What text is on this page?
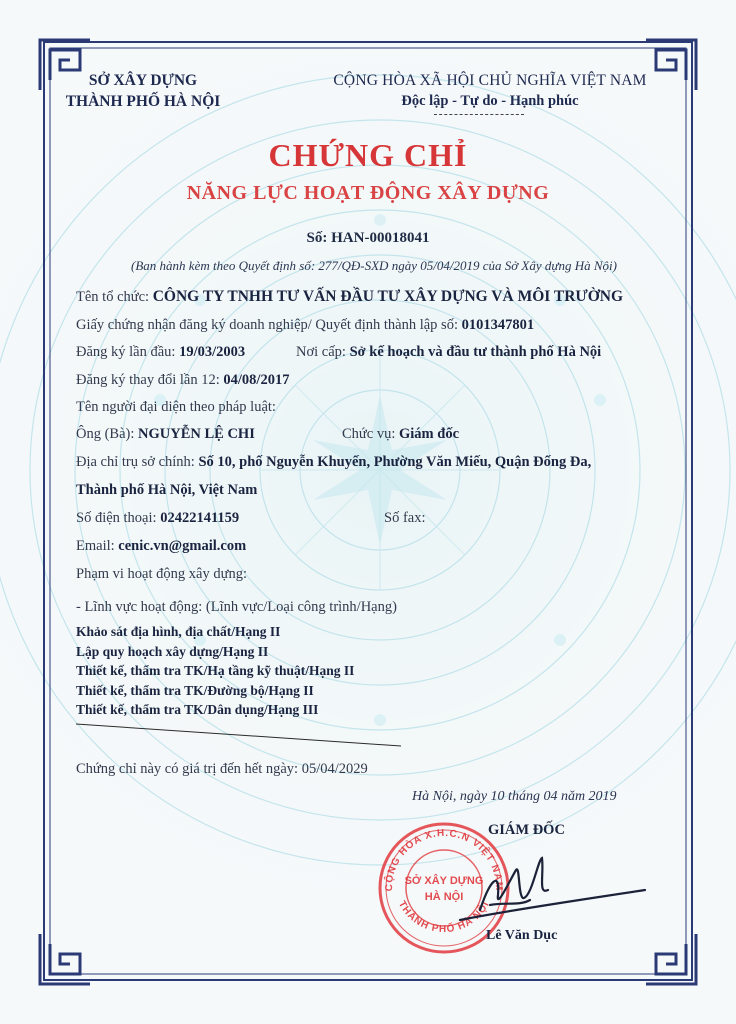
SỞ XÂY DỰNG
THÀNH PHỐ HÀ NỘI
CỘNG HÒA XÃ HỘI CHỦ NGHĨA VIỆT NAM
Độc lập - Tự do - Hạnh phúc
CHỨNG CHỈ
NĂNG LỰC HOẠT ĐỘNG XÂY DỰNG
Số: HAN-00018041
(Ban hành kèm theo Quyết định số: 277/QĐ-SXD ngày 05/04/2019 của Sở Xây dựng Hà Nội)
Tên tổ chức: CÔNG TY TNHH TƯ VẤN ĐẦU TƯ XÂY DỰNG VÀ MÔI TRƯỜNG
Giấy chứng nhận đăng ký doanh nghiệp/ Quyết định thành lập số: 0101347801
Đăng ký lần đầu: 19/03/2003	Nơi cấp: Sở kế hoạch và đầu tư thành phố Hà Nội
Đăng ký thay đổi lần 12: 04/08/2017
Tên người đại diện theo pháp luật:
Ông (Bà): NGUYỄN LỆ CHI	Chức vụ: Giám đốc
Địa chỉ trụ sở chính: Số 10, phố Nguyễn Khuyến, Phường Văn Miếu, Quận Đống Đa,
Thành phố Hà Nội, Việt Nam
Số điện thoại: 02422141159	Số fax:
Email: cenic.vn@gmail.com
Phạm vi hoạt động xây dựng:
- Lĩnh vực hoạt động: (Lĩnh vực/Loại công trình/Hạng)
Khảo sát địa hình, địa chất/Hạng II
Lập quy hoạch xây dựng/Hạng II
Thiết kế, thẩm tra TK/Hạ tầng kỹ thuật/Hạng II
Thiết kế, thẩm tra TK/Đường bộ/Hạng II
Thiết kế, thẩm tra TK/Dân dụng/Hạng III
Chứng chỉ này có giá trị đến hết ngày: 05/04/2029
Hà Nội, ngày 10 tháng 04 năm 2019
GIÁM ĐỐC
CỘNG HÒA X.H.C.N VIỆT NAM
THÀNH PHỐ HÀ NỘI
SỞ XÂY DỰNG
HÀ NỘI
Lê Văn Dục
